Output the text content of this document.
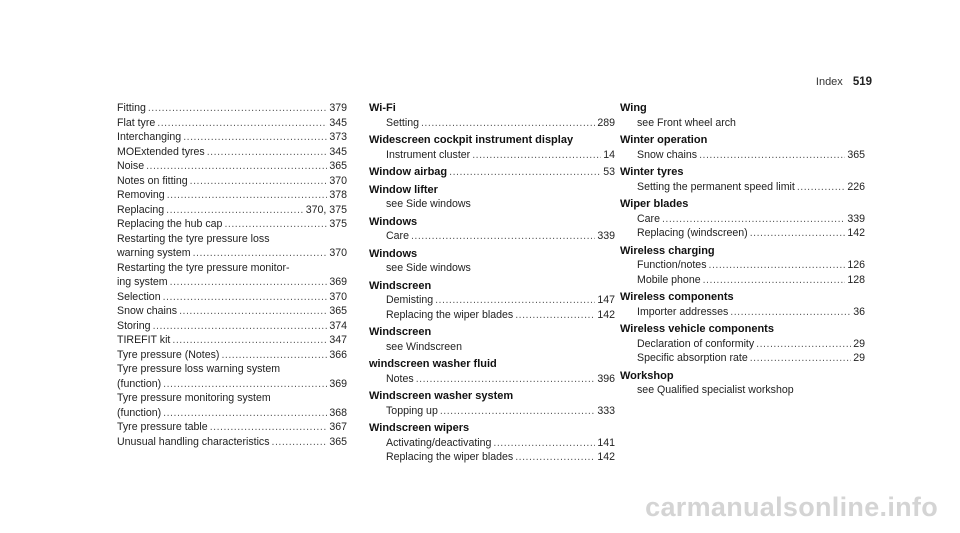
Index 519
Fitting .....	379
Flat tyre .....	345
Interchanging .....	373
MOExtended tyres .....	345
Noise .....	365
Notes on fitting .....	370
Removing .....	378
Replacing .....	370, 375
Replacing the hub cap .....	375
Restarting the tyre pressure loss
warning system .....	370
Restarting the tyre pressure monitor-
ing system .....	369
Selection .....	370
Snow chains .....	365
Storing .....	374
TIREFIT kit .....	347
Tyre pressure (Notes) .....	366
Tyre pressure loss warning system
(function) .....	369
Tyre pressure monitoring system
(function) .....	368
Tyre pressure table .....	367
Unusual handling characteristics .....	365
Wi-Fi
Setting .....	289
Widescreen cockpit instrument display
Instrument cluster .....	14
Window airbag .....	53
Window lifter
see Side windows
Windows
Care .....	339
Windows
see Side windows
Windscreen
Demisting .....	147
Replacing the wiper blades .....	142
Windscreen
see Windscreen
windscreen washer fluid
Notes .....	396
Windscreen washer system
Topping up .....	333
Windscreen wipers
Activating/deactivating .....	141
Replacing the wiper blades .....	142
Wing
see Front wheel arch
Winter operation
Snow chains .....	365
Winter tyres
Setting the permanent speed limit .....	226
Wiper blades
Care .....	339
Replacing (windscreen) .....	142
Wireless charging
Function/notes .....	126
Mobile phone .....	128
Wireless components
Importer addresses .....	36
Wireless vehicle components
Declaration of conformity .....	29
Specific absorption rate .....	29
Workshop
see Qualified specialist workshop
carmanualsonline.info
